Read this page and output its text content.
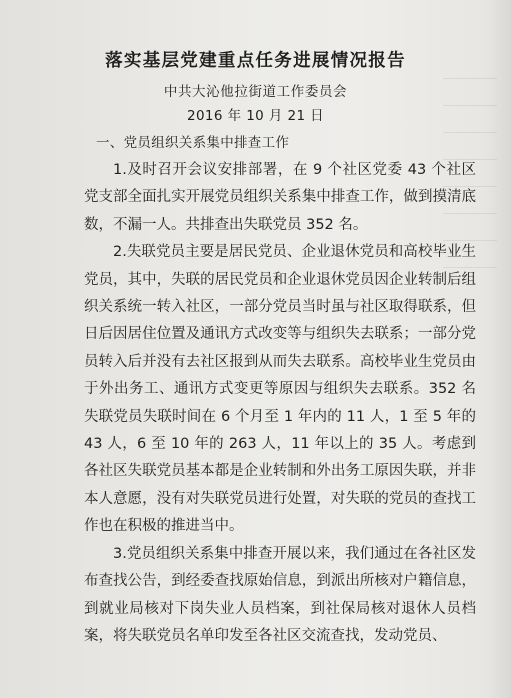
落实基层党建重点任务进展情况报告
中共大沁他拉街道工作委员会
2016 年 10 月 21 日
一、党员组织关系集中排查工作

1.及时召开会议安排部署，在 9 个社区党委 43 个社区党支部全面扎实开展党员组织关系集中排查工作，做到摸清底数，不漏一人。共排查出失联党员 352 名。

2.失联党员主要是居民党员、企业退休党员和高校毕业生党员，其中，失联的居民党员和企业退休党员因企业转制后组织关系统一转入社区，一部分党员当时虽与社区取得联系，但日后因居住位置及通讯方式改变等与组织失去联系；一部分党员转入后并没有去社区报到从而失去联系。高校毕业生党员由于外出务工、通讯方式变更等原因与组织失去联系。352 名失联党员失联时间在 6 个月至 1 年内的 11 人，1 至 5 年的 43 人，6 至 10 年的 263 人，11 年以上的 35 人。考虑到各社区失联党员基本都是企业转制和外出务工原因失联，并非本人意愿，没有对失联党员进行处置，对失联的党员的查找工作也在积极的推进当中。

3.党员组织关系集中排查开展以来，我们通过在各社区发布查找公告，到经委查找原始信息，到派出所核对户籍信息，到就业局核对下岗失业人员档案，到社保局核对退休人员档案，将失联党员名单印发至各社区交流查找，发动党员、
